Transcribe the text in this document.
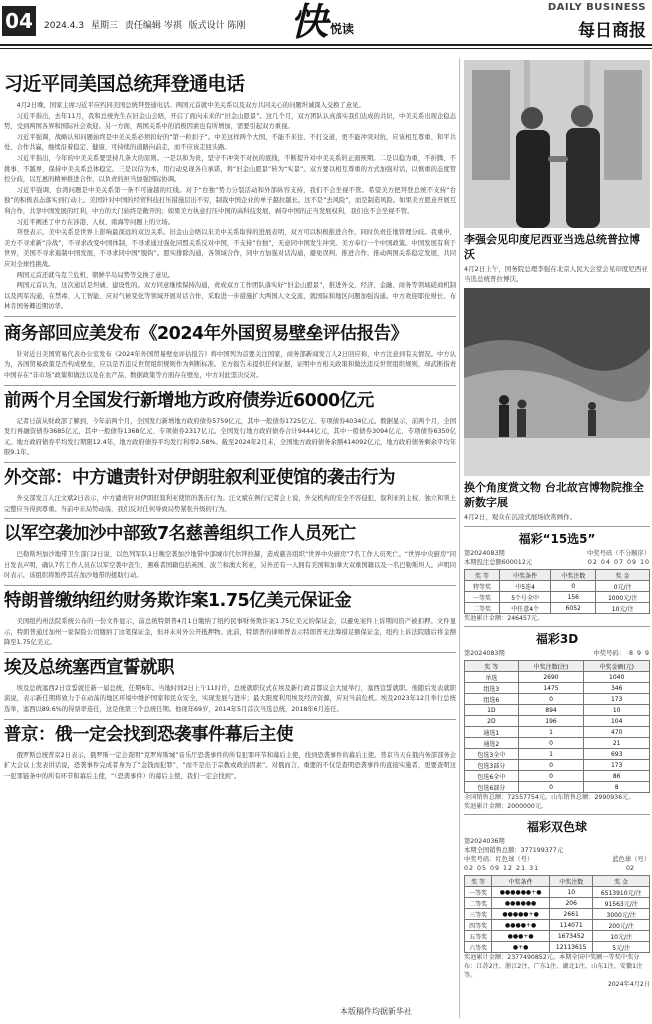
04	2024.4.3 星期三 责任编辑 岑祺 版式设计 陈刚 快 悦读
DAILY BUSINESS
每日商报
习近平同美国总统拜登通电话

4月2日晚，国家主席习近平应约同美国总统拜登通电话。两国元首就中美关系以及双方共同关心的问题坦诚深入交换了意见。

习近平指出，去年11月，我和总统先生在旧金山会晤，开启了面向未来的“旧金山愿景”。这几个月，双方团队认真落实我们达成的共识，中美关系出现企稳态势，受到两国各界和国际社会欢迎。另一方面，两国关系中的消极因素也有所增加，需要引起双方重视。

习近平强调，战略认知问题始终是中美关系必须扣好的“第一粒扣子”。中美这样两个大国，不能不来往、不打交道，更不能冲突对抗，应该相互尊重、和平共处、合作共赢，继续沿着稳定、健康、可持续的道路向前走，而不应该走回头路。

习近平指出，今年的中美关系要坚持几条大的原则。一是以和为贵，坚守不冲突不对抗的底线，不断提升对中美关系的正面预期。二是以稳为重，不折腾、不挑事、不越界，保持中美关系总体稳定。三是以信为本，用行动兑现各自承诺，将“旧金山愿景”转为“实景”。双方要以相互尊重的方式加强对话，以慎重的态度管控分歧，以互惠的精神推进合作，以负责的担当加强国际协调。

习近平强调，台湾问题是中美关系第一条不可逾越的红线。对于“台独”势力分裂活动和外部纵容支持，我们不会坐视不管。希望美方把拜登总统不支持“台独”的积极表态落实到行动上。美国针对中国的经贸科技打压措施层出不穷，制裁中国企业的单子越拉越长。这不是“去风险”，而是制造风险。如果美方愿意开展互利合作，共享中国发展的红利，中方的大门始终是敞开的；如果美方执意打压中国的高科技发展，剥夺中国的正当发展权利，我们也不会坐视不管。

习近平阐述了中方在涉港、人权、南海等问题上的立场。

拜登表示，美中关系是世界上影响最深远的双边关系。旧金山会晤以来美中关系取得的进展表明，双方可以积极推进合作，同时负责任地管理分歧。我重申，美方不寻求新“冷战”，不寻求改变中国体制，不寻求通过强化同盟关系反对中国，不支持“台独”，无意同中国发生冲突。美方奉行一个中国政策。中国发展有利于世界，美国不寻求遏制中国发展，不寻求同中国“脱钩”。愿实排除沟通，各领域合作，同中方加强对话沟通，避免误判，推进合作，推动两国关系稳定发展，共同应对全球性挑战。

两国元首还就乌克兰危机、朝鲜半岛局势等交换了意见。

两国元首认为，这次通话是坦诚、建设性的。双方同意继续保持沟通，责成双方工作团队落实好“旧金山愿景”，推进外交、经济、金融、商务等领域磋商机制以及两军沟通，在禁毒、人工智能、应对气候变化等领域开展对话合作，采取进一步措施扩大两国人文交流，就国际和地区问题加强沟通。中方欢迎耶伦财长、布林肯国务卿近期访华。

商务部回应美发布《2024年外国贸易壁垒评估报告》

针对近日美国贸易代表办公室发布《2024年外国贸易壁垒评估报告》将中国列为首要关注国家，商务部新闻发言人2日回应称，中方注意到有关情况。中方认为，各国贸易政策是否构成壁垒，应以是否违反世贸组织规则作为判断标准。美方报告未提供任何证据，证明中方相关政策和做法违反世贸组织规则，却武断指责中国存在“非市场”政策和做法以及在农产品、数据政策等方面存在壁垒，中方对此坚决反对。

前两个月全国发行新增地方政府债券近6000亿元

记者日前从财政部了解到，今年前两个月，全国发行新增地方政府债券5759亿元，其中一般债券1725亿元、专项债券4034亿元。数据显示，前两个月，全国发行再融资债券3685亿元，其中一般债券1368亿元、专项债券2317亿元。全国发行地方政府债券合计9444亿元，其中一般债券3094亿元、专项债券6350亿元。地方政府债券平均发行期限12.4年，地方政府债券平均发行利率2.58%。截至2024年2月末，全国地方政府债务余额414092亿元，地方政府债务剩余平均年限9.1年。

外交部：中方谴责针对伊朗驻叙利亚使馆的袭击行为

外交部发言人汪文斌2日表示，中方谴责针对伊朗驻叙利亚使馆的袭击行为。汪文斌在例行记者会上说，外交机构的安全不容侵犯，叙利亚的主权、独立和领土完整应当得到尊重。当前中东局势动荡，我们反对任何导致局势紧张升级的行为。

以军空袭加沙中部致7名慈善组织工作人员死亡

巴勒斯坦加沙地带卫生部门2日说，以色列军队1日晚空袭加沙地带中部城市代尔拜拉赫，造成慈善组织“世界中央厨房”7名工作人员死亡。“世界中央厨房”同日发表声明，确认7名工作人员在以军空袭中丧生，遇难者国籍包括英国、波兰和澳大利亚，另外还有一人拥有美国和加拿大双重国籍以及一名巴勒斯坦人。声明同时表示，该组织将暂停其在加沙地带的援助行动。

特朗普缴纳纽约财务欺诈案1.75亿美元保证金

美国纽约州法院系统公布的一份文件显示，前总统特朗普4月1日缴纳了纽约民事财务欺诈案1.75亿美元的保证金，以避免案件上诉期间资产被扣押。文件显示，特朗普通过加州一家保险公司缴纳了这笔保证金，但并未对外公开抵押物。此前，特朗普的律师曾表示特朗普无法筹措足额保证金，纽约上诉法院随后将金额降至1.75亿美元。

埃及总统塞西宣誓就职

埃及总统塞西2日宣誓就任新一届总统，任期6年。当地时间2日上午11时许，总统就职仪式在埃及新行政首都议会大厦举行，塞西宣誓就职。他随后发表就职演说，表示新任期将致力于在动荡的地区环境中维护国家和民众安全，实现发展与进步；最大限度利用埃及经济资源，应对当前危机。埃及2023年12月举行总统选举，塞西以89.6%的得票率连任，这是他第三个总统任期。他现年69岁，2014年5月首次当选总统，2018年6月连任。

普京：俄一定会找到恐袭事件幕后主使

俄罗斯总统普京2日表示，俄罗斯一定会查明“克罗库斯城”音乐厅恐袭事件的所有犯罪环节和幕后主使，找到恐袭事件的幕后主使。普京当天在俄内务部部务会扩大会议上发表讲话说，恐袭事件完成者身为了“金钱而犯罪”，“而不是出于宗教或政治因素”。对俄而言，重要的不仅是查明恐袭事件的直接实施者，更要查明这一犯罪链条中的所有环节和幕后主使，“（恐袭事件）的幕后主使，我们一定会找到”。

本版稿件均据新华社
李强会见印度尼西亚当选总统普拉博沃
4月2日上午，国务院总理李强在北京人民大会堂会见印度尼西亚当选总统普拉博沃。
换个角度赏文物 台北故宫博物院推全新数字展
4月2日，观众在沉浸式展场欣赏画作。
福彩“15选5”
第2024083期	中奖号码（不分顺序）
本期投注总额600012元	02 04 07 09 10
奖 等	中奖条件	中奖注数	奖 金
特等奖	中5连4	0	0元/注
一等奖	5个号全中	156	1000元/注
二等奖	中任意4个	6052	10元/注
奖池累计金额：246457元。
福彩3D
第2024083期	8 9 9
中奖号码：
奖 等	中奖注数(注)	中奖金额(元)
单选	2690	1040
组选3	1475	346
组选6	0	173
1D	894	10
2D	196	104
通选1	1	470
通选2	0	21
包选3全中	1	693
包选3部分	0	173
包选6全中	0	86
包选6部分	0	8
全国销售总额：72557754元。山东销售总额：2990936元。
奖池累计金额：2000000元。
福彩双色球
第2024036期
本期全国销售总额：377199377元
中奖号码：红色球（号）	蓝色球（号）
02 05 09 12 21 31	02
奖 等	中奖条件	中奖注数	奖 金
一等奖	●●●●●●+●	10	6513910元/注
二等奖	●●●●●●	206	91563元/注
三等奖	●●●●●+●	2661	3000元/注
四等奖	●●●●+●	114071	200元/注
五等奖	●●●+●	1673452	10元/注
六等奖	●+●	12113615	5元/注
奖池累计金额：2377490852元。本期全国中奖额一等奖中奖分布：江苏2注、浙江2注、广东1注、湖北1注、山东1注、安徽1注等。
2024年4月2日
